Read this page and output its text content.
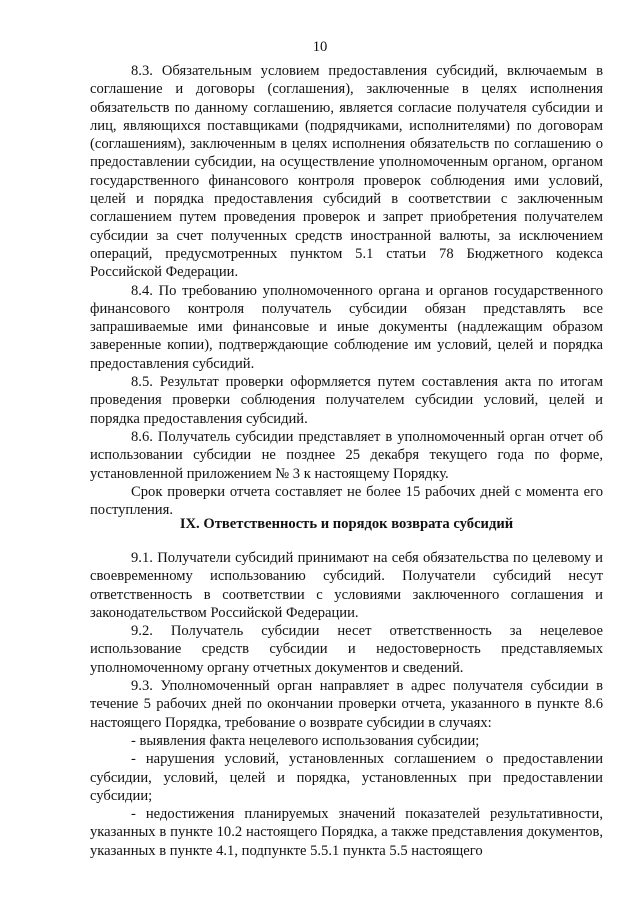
10

8.3. Обязательным условием предоставления субсидий, включаемым в соглашение и договоры (соглашения), заключенные в целях исполнения обязательств по данному соглашению, является согласие получателя субсидии и лиц, являющихся поставщиками (подрядчиками, исполнителями) по договорам (соглашениям), заключенным в целях исполнения обязательств по соглашению о предоставлении субсидии, на осуществление уполномоченным органом, органом государственного финансового контроля проверок соблюдения ими условий, целей и порядка предоставления субсидий в соответствии с заключенным соглашением путем проведения проверок и запрет приобретения получателем субсидии за счет полученных средств иностранной валюты, за исключением операций, предусмотренных пунктом 5.1 статьи 78 Бюджетного кодекса Российской Федерации.

8.4. По требованию уполномоченного органа и органов государственного финансового контроля получатель субсидии обязан представлять все запрашиваемые ими финансовые и иные документы (надлежащим образом заверенные копии), подтверждающие соблюдение им условий, целей и порядка предоставления субсидий.

8.5. Результат проверки оформляется путем составления акта по итогам проведения проверки соблюдения получателем субсидии условий, целей и порядка предоставления субсидий.

8.6. Получатель субсидии представляет в уполномоченный орган отчет об использовании субсидии не позднее 25 декабря текущего года по форме, установленной приложением № 3 к настоящему Порядку.

Срок проверки отчета составляет не более 15 рабочих дней с момента его поступления.

IX. Ответственность и порядок возврата субсидий

9.1. Получатели субсидий принимают на себя обязательства по целевому и своевременному использованию субсидий. Получатели субсидий несут ответственность в соответствии с условиями заключенного соглашения и законодательством Российской Федерации.

9.2. Получатель субсидии несет ответственность за нецелевое использование средств субсидии и недостоверность представляемых уполномоченному органу отчетных документов и сведений.

9.3. Уполномоченный орган направляет в адрес получателя субсидии в течение 5 рабочих дней по окончании проверки отчета, указанного в пункте 8.6 настоящего Порядка, требование о возврате субсидии в случаях:

- выявления факта нецелевого использования субсидии;

- нарушения условий, установленных соглашением о предоставлении субсидии, условий, целей и порядка, установленных при предоставлении субсидии;

- недостижения планируемых значений показателей результативности, указанных в пункте 10.2 настоящего Порядка, а также представления документов, указанных в пункте 4.1, подпункте 5.5.1 пункта 5.5 настоящего
